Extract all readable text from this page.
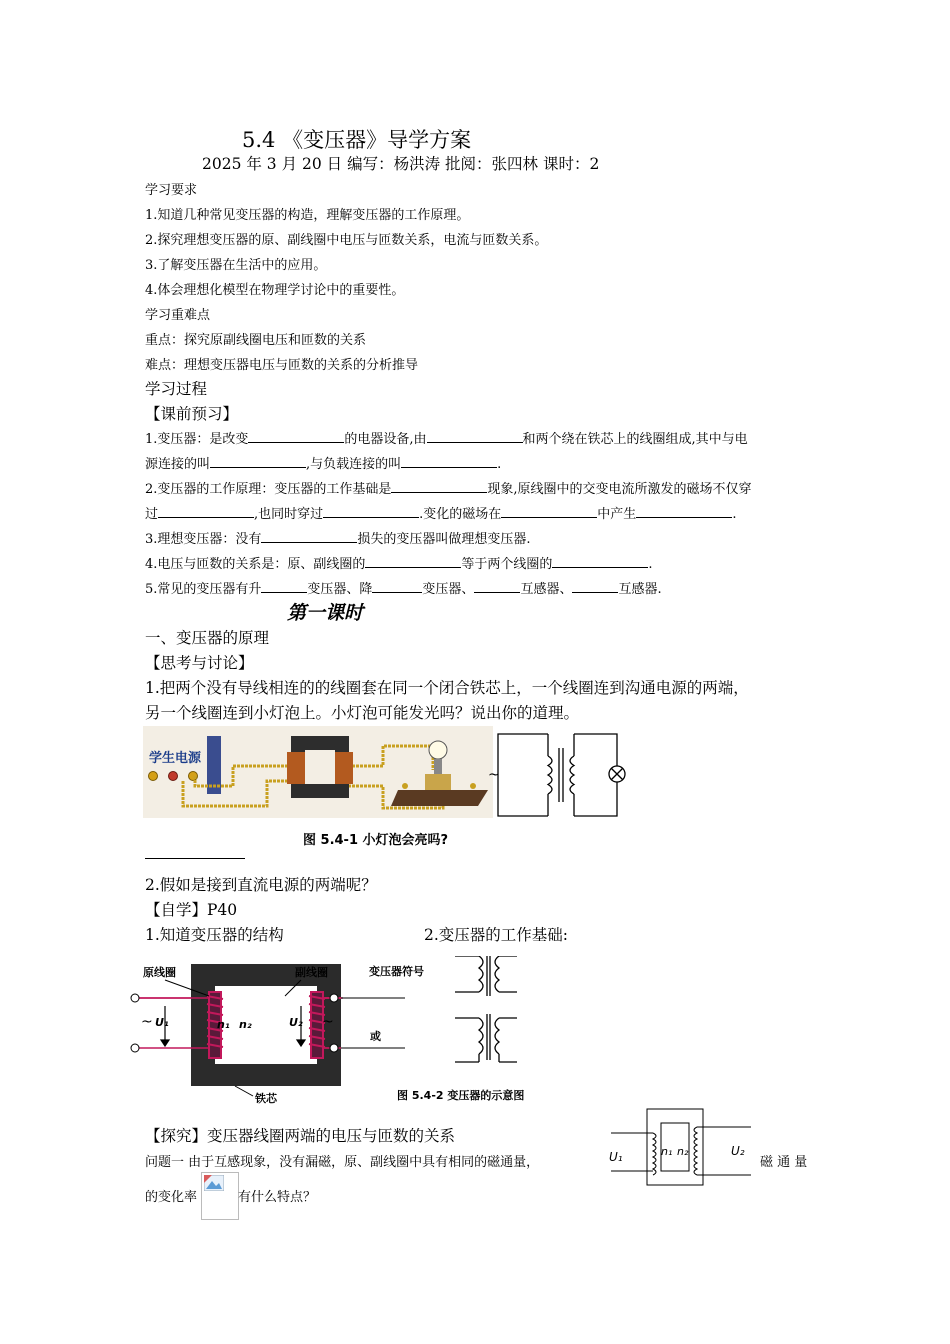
5.4 《变压器》导学方案
2025 年 3 月 20 日 编写：杨洪涛 批阅：张四林 课时：2
学习要求
1.知道几种常见变压器的构造，理解变压器的工作原理。
2.探究理想变压器的原、副线圈中电压与匝数关系，电流与匝数关系。
3.了解变压器在生活中的应用。
4.体会理想化模型在物理学讨论中的重要性。
学习重难点
重点：探究原副线圈电压和匝数的关系
难点：理想变压器电压与匝数的关系的分析推导
学习过程
【课前预习】
1.变压器：是改变	的电器设备,由	和两个绕在铁芯上的线圈组成,其中与电
源连接的叫	,与负载连接的叫	.
2.变压器的工作原理：变压器的工作基础是	现象,原线圈中的交变电流所激发的磁场不仅穿
过	,也同时穿过	.变化的磁场在	中产生	.
3.理想变压器：没有	损失的变压器叫做理想变压器.
4.电压与匝数的关系是：原、副线圈的	等于两个线圈的	.
5.常见的变压器有升	变压器、降	变压器、	互感器、	互感器.
第一课时
一、变压器的原理
【思考与讨论】
1.把两个没有导线相连的的线圈套在同一个闭合铁芯上，一个线圈连到沟通电源的两端，
另一个线圈连到小灯泡上。小灯泡可能发光吗？说出你的道理。
学生电源
~
图 5.4-1 小灯泡会亮吗?
2.假如是接到直流电源的两端呢？
【自学】P40
1.知道变压器的结构	2.变压器的工作基础:
~	~
U₁	U₂
n₁ n₂
原线圈	副线圈
铁芯
变压器符号
或
图 5.4-2 变压器的示意图
【探究】变压器线圈两端的电压与匝数的关系
问题一 由于互感现象，没有漏磁，原、副线圈中具有相同的磁通量，	磁 通 量
的变化率	有什么特点？
U₁	U₂
n₁ n₂
